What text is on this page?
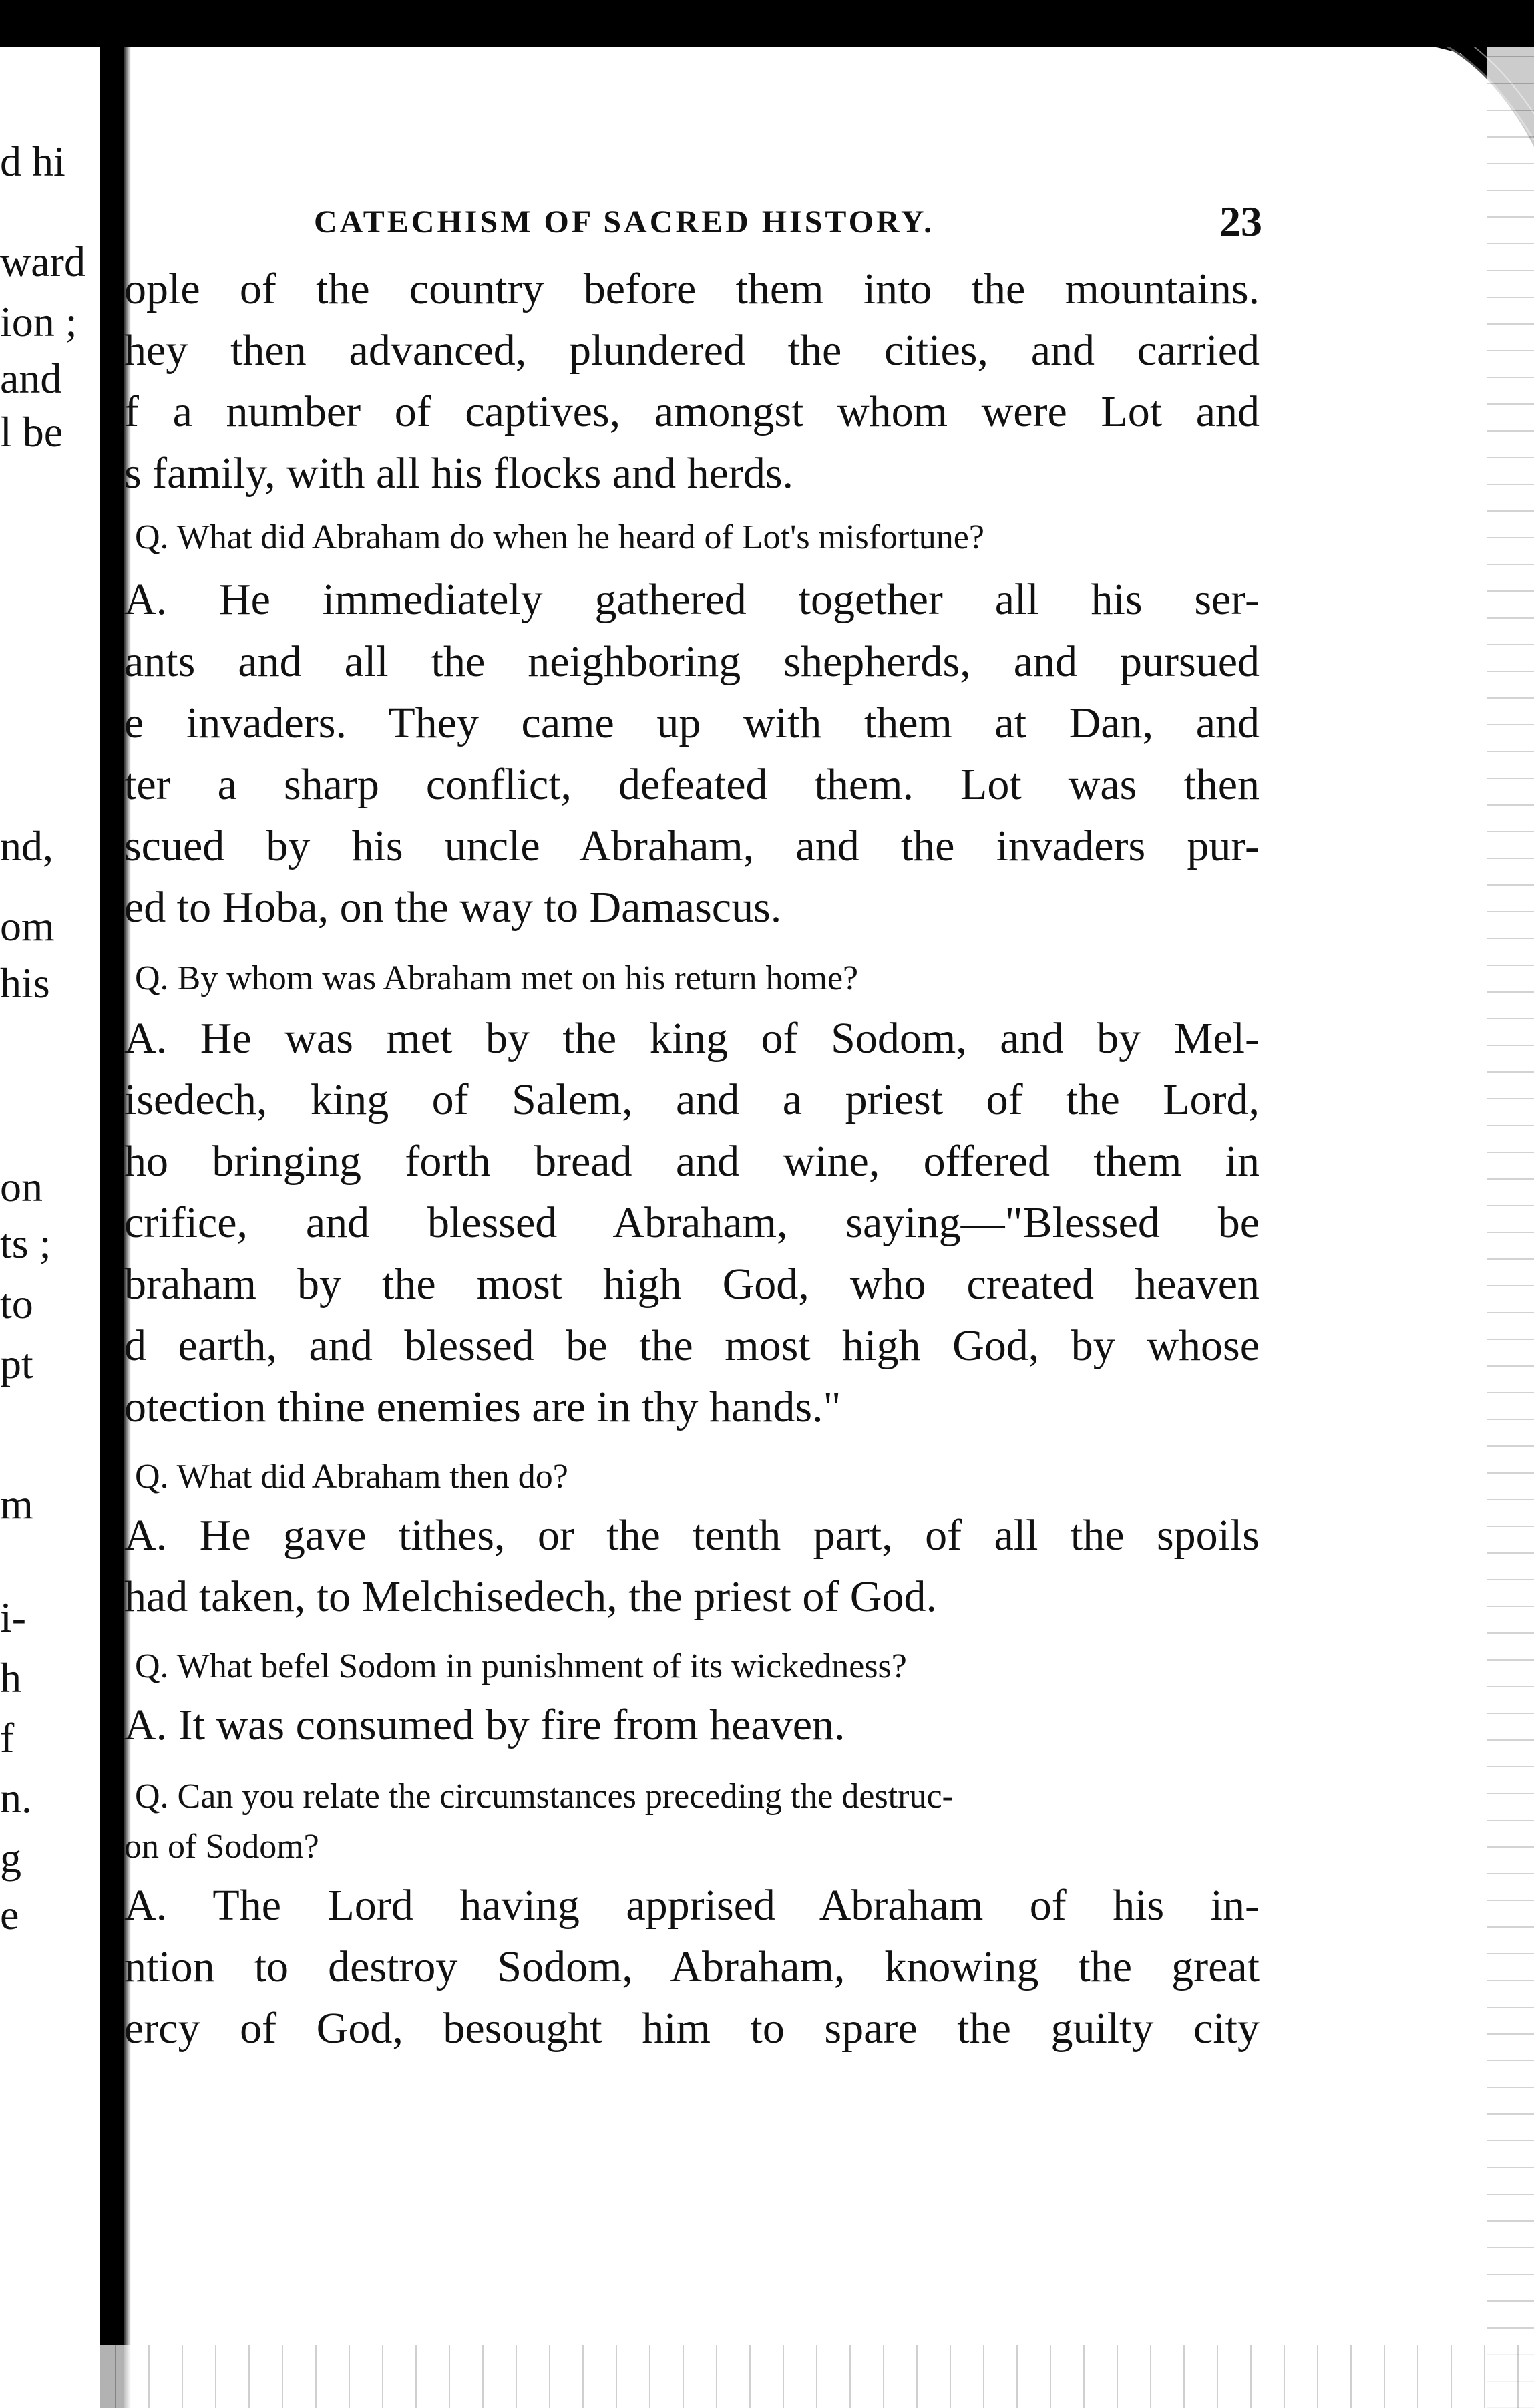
d hi
ward
ion ;
and
l be
nd,
om
his
on
ts ;
to
pt
m
i-
h
f
n.
g
e
CATECHISM OF SACRED HISTORY.	23
ople of the country before them into the mountains.
hey then advanced, plundered the cities, and carried
f a number of captives, amongst whom were Lot and
s family, with all his flocks and herds.
Q. What did Abraham do when he heard of Lot's misfortune?
A. He immediately gathered together all his ser-
ants and all the neighboring shepherds, and pursued
e invaders. They came up with them at Dan, and
ter a sharp conflict, defeated them. Lot was then
scued by his uncle Abraham, and the invaders pur-
ed to Hoba, on the way to Damascus.
Q. By whom was Abraham met on his return home?
A. He was met by the king of Sodom, and by Mel-
isedech, king of Salem, and a priest of the Lord,
ho bringing forth bread and wine, offered them in
crifice, and blessed Abraham, saying—"Blessed be
braham by the most high God, who created heaven
d earth, and blessed be the most high God, by whose
otection thine enemies are in thy hands."
Q. What did Abraham then do?
A. He gave tithes, or the tenth part, of all the spoils
had taken, to Melchisedech, the priest of God.
Q. What befel Sodom in punishment of its wickedness?
A. It was consumed by fire from heaven.
Q. Can you relate the circumstances preceding the destruc-
on of Sodom?
A. The Lord having apprised Abraham of his in-
ntion to destroy Sodom, Abraham, knowing the great
ercy of God, besought him to spare the guilty city
